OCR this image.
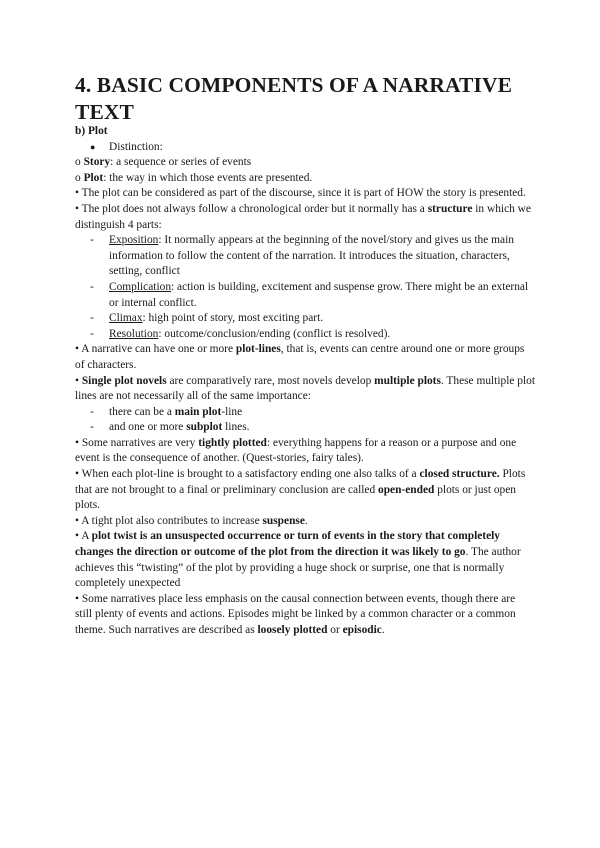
4. BASIC COMPONENTS OF A NARRATIVE TEXT

b) Plot

● Distinction:

o Story: a sequence or series of events

o Plot: the way in which those events are presented.

• The plot can be considered as part of the discourse, since it is part of HOW the story is presented.

• The plot does not always follow a chronological order but it normally has a structure in which we distinguish 4 parts:

- Exposition: It normally appears at the beginning of the novel/story and gives us the main information to follow the content of the narration. It introduces the situation, characters, setting, conflict
- Complication: action is building, excitement and suspense grow. There might be an external or internal conflict.
- Climax: high point of story, most exciting part.
- Resolution: outcome/conclusion/ending (conflict is resolved).

• A narrative can have one or more plot-lines, that is, events can centre around one or more groups of characters.

• Single plot novels are comparatively rare, most novels develop multiple plots. These multiple plot lines are not necessarily all of the same importance:

- there can be a main plot-line
- and one or more subplot lines.

• Some narratives are very tightly plotted: everything happens for a reason or a purpose and one event is the consequence of another. (Quest-stories, fairy tales).

• When each plot-line is brought to a satisfactory ending one also talks of a closed structure. Plots that are not brought to a final or preliminary conclusion are called open-ended plots or just open plots.

• A tight plot also contributes to increase suspense.

• A plot twist is an unsuspected occurrence or turn of events in the story that completely changes the direction or outcome of the plot from the direction it was likely to go. The author achieves this “twisting” of the plot by providing a huge shock or surprise, one that is normally completely unexpected

• Some narratives place less emphasis on the causal connection between events, though there are still plenty of events and actions. Episodes might be linked by a common character or a common theme. Such narratives are described as loosely plotted or episodic.
